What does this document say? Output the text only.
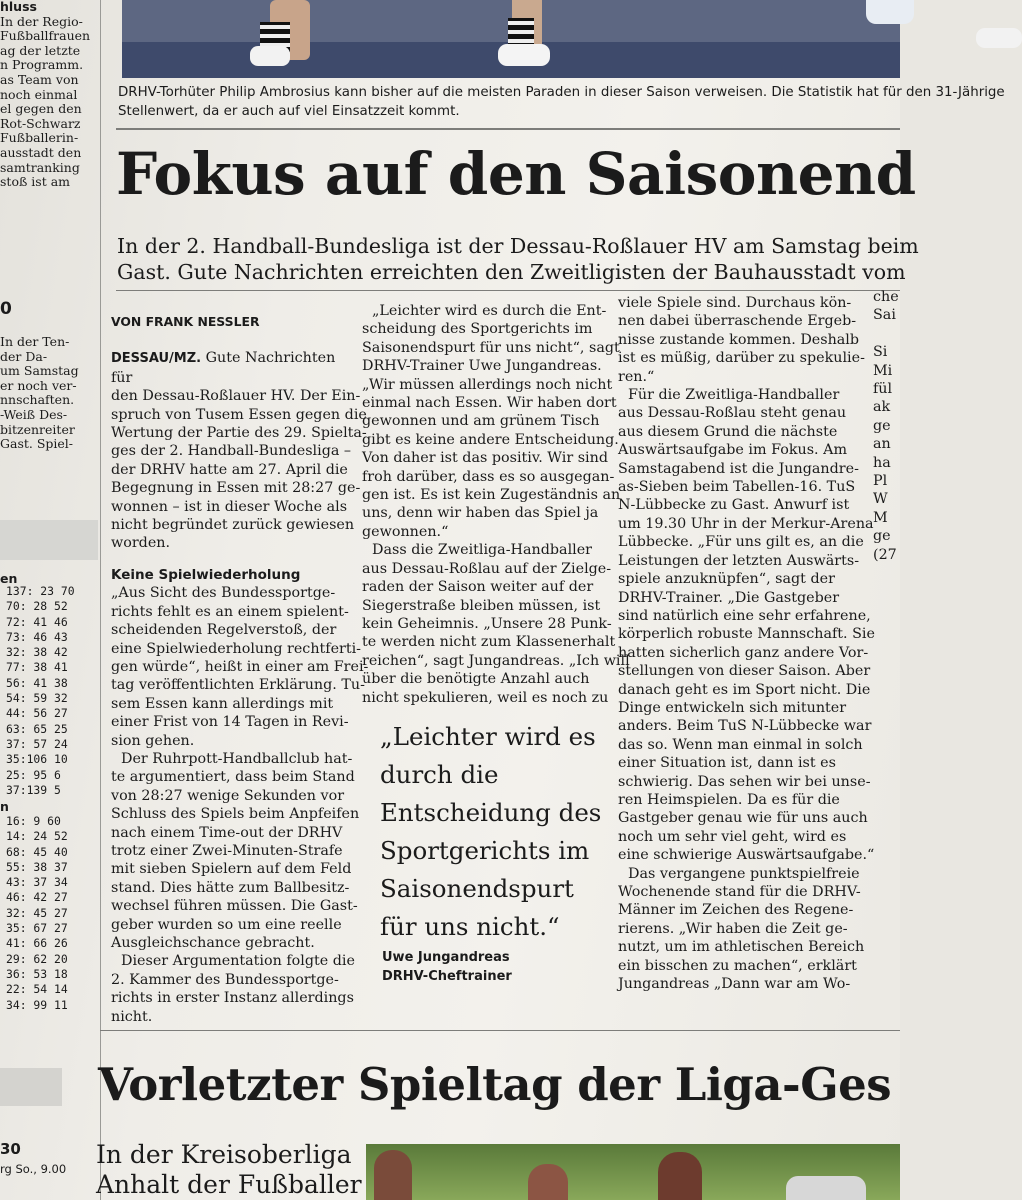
hluss
In der Regio-
Fußballfrauen
ag der letzte
n Programm.
as Team von
noch einmal
el gegen den
Rot-Schwarz
Fußballerin-
ausstadt den
samtranking
stoß ist am
0
In der Ten-
der Da-
um Samstag
er noch ver-
nnschaften.
-Weiß Des-
bitzenreiter
Gast. Spiel-
en
137: 23 70
70: 28 52
72: 41 46
73: 46 43
32: 38 42
77: 38 41
56: 41 38
54: 59 32
44: 56 27
63: 65 25
37: 57 24
35:106 10
25: 95 6
37:139 5
n
16: 9 60
14: 24 52
68: 45 40
55: 38 37
43: 37 34
46: 42 27
32: 45 27
35: 67 27
41: 66 26
29: 62 20
36: 53 18
22: 54 14
34: 99 11
30
rg So., 9.00
DRHV-Torhüter Philip Ambrosius kann bisher auf die meisten Paraden in dieser Saison verweisen. Die Statistik hat für den 31-Jährige
Stellenwert, da er auch auf viel Einsatzzeit kommt.
Fokus auf den Saisonend
In der 2. Handball-Bundesliga ist der Dessau-Roßlauer HV am Samstag beim
Gast. Gute Nachrichten erreichten den Zweitligisten der Bauhausstadt vom
VON FRANK NESSLER
DESSAU/MZ. Gute Nachrichten für
den Dessau-Roßlauer HV. Der Ein-
spruch von Tusem Essen gegen die
Wertung der Partie des 29. Spielta-
ges der 2. Handball-Bundesliga –
der DRHV hatte am 27. April die
Begegnung in Essen mit 28:27 ge-
wonnen – ist in dieser Woche als
nicht begründet zurück gewiesen
worden.
Keine Spielwiederholung
„Aus Sicht des Bundessportge-
richts fehlt es an einem spielent-
scheidenden Regelverstoß, der
eine Spielwiederholung rechtferti-
gen würde“, heißt in einer am Frei-
tag veröffentlichten Erklärung. Tu-
sem Essen kann allerdings mit
einer Frist von 14 Tagen in Revi-
sion gehen.
Der Ruhrpott-Handballclub hat-
te argumentiert, dass beim Stand
von 28:27 wenige Sekunden vor
Schluss des Spiels beim Anpfeifen
nach einem Time-out der DRHV
trotz einer Zwei-Minuten-Strafe
mit sieben Spielern auf dem Feld
stand. Dies hätte zum Ballbesitz-
wechsel führen müssen. Die Gast-
geber wurden so um eine reelle
Ausgleichschance gebracht.
Dieser Argumentation folgte die
2. Kammer des Bundessportge-
richts in erster Instanz allerdings
nicht.
„Leichter wird es durch die Ent-
scheidung des Sportgerichts im
Saisonendspurt für uns nicht“, sagt
DRHV-Trainer Uwe Jungandreas.
„Wir müssen allerdings noch nicht
einmal nach Essen. Wir haben dort
gewonnen und am grünem Tisch
gibt es keine andere Entscheidung.
Von daher ist das positiv. Wir sind
froh darüber, dass es so ausgegan-
gen ist. Es ist kein Zugeständnis an
uns, denn wir haben das Spiel ja
gewonnen.“
Dass die Zweitliga-Handballer
aus Dessau-Roßlau auf der Zielge-
raden der Saison weiter auf der
Siegerstraße bleiben müssen, ist
kein Geheimnis. „Unsere 28 Punk-
te werden nicht zum Klassenerhalt
reichen“, sagt Jungandreas. „Ich will
über die benötigte Anzahl auch
nicht spekulieren, weil es noch zu
„Leichter wird es
durch die
Entscheidung des
Sportgerichts im
Saisonendspurt
für uns nicht.“
Uwe Jungandreas
DRHV-Cheftrainer
viele Spiele sind. Durchaus kön-
nen dabei überraschende Ergeb-
nisse zustande kommen. Deshalb
ist es müßig, darüber zu spekulie-
ren.“
Für die Zweitliga-Handballer
aus Dessau-Roßlau steht genau
aus diesem Grund die nächste
Auswärtsaufgabe im Fokus. Am
Samstagabend ist die Jungandre-
as-Sieben beim Tabellen-16. TuS
N-Lübbecke zu Gast. Anwurf ist
um 19.30 Uhr in der Merkur-Arena
Lübbecke. „Für uns gilt es, an die
Leistungen der letzten Auswärts-
spiele anzuknüpfen“, sagt der
DRHV-Trainer. „Die Gastgeber
sind natürlich eine sehr erfahrene,
körperlich robuste Mannschaft. Sie
hatten sicherlich ganz andere Vor-
stellungen von dieser Saison. Aber
danach geht es im Sport nicht. Die
Dinge entwickeln sich mitunter
anders. Beim TuS N-Lübbecke war
das so. Wenn man einmal in solch
einer Situation ist, dann ist es
schwierig. Das sehen wir bei unse-
ren Heimspielen. Da es für die
Gastgeber genau wie für uns auch
noch um sehr viel geht, wird es
eine schwierige Auswärtsaufgabe.“
Das vergangene punktspielfreie
Wochenende stand für die DRHV-
Männer im Zeichen des Regene-
rierens. „Wir haben die Zeit ge-
nutzt, um im athletischen Bereich
ein bisschen zu machen“, erklärt
Jungandreas „Dann war am Wo-
che
Sai
Si
Mi
fül
ak
ge
an
ha
Pl
W
M
ge
(27
Vorletzter Spieltag der Liga-Ges
In der Kreisoberliga
Anhalt der Fußballer
